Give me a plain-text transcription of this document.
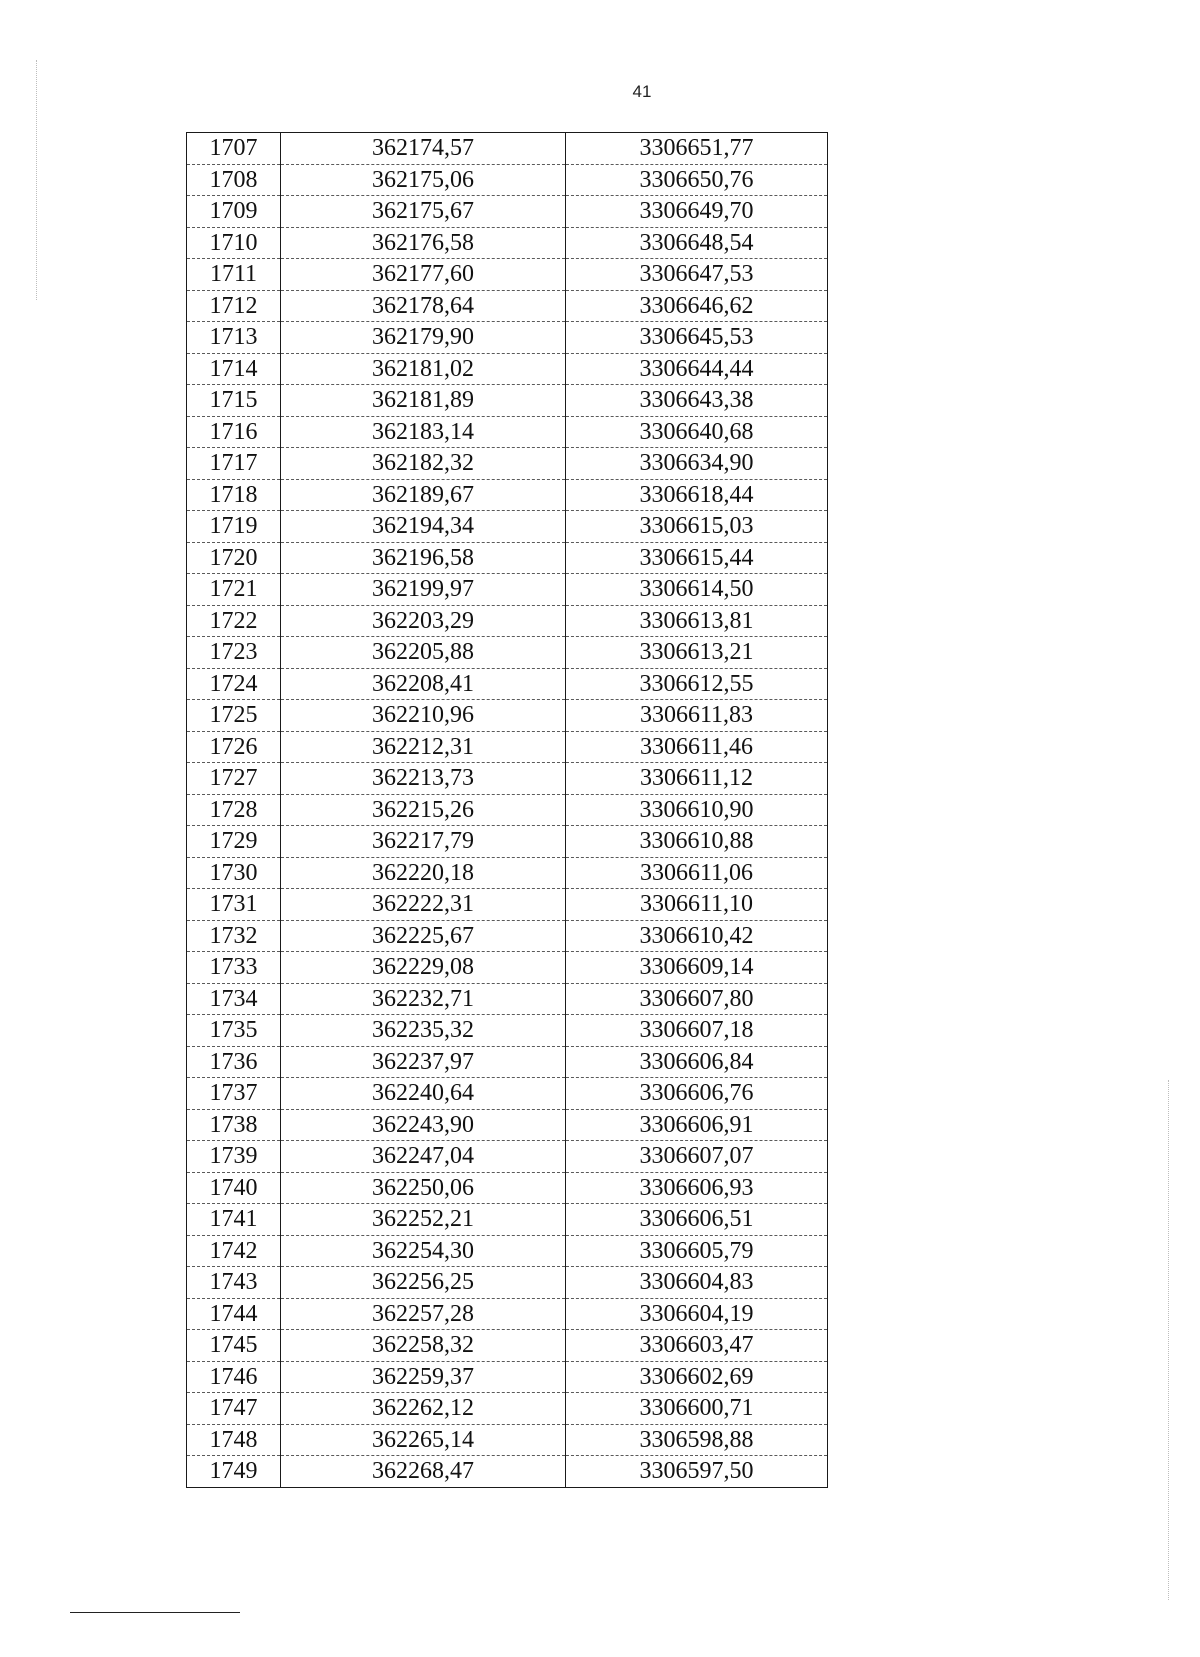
41
1707	362174,57	3306651,77
1708	362175,06	3306650,76
1709	362175,67	3306649,70
1710	362176,58	3306648,54
1711	362177,60	3306647,53
1712	362178,64	3306646,62
1713	362179,90	3306645,53
1714	362181,02	3306644,44
1715	362181,89	3306643,38
1716	362183,14	3306640,68
1717	362182,32	3306634,90
1718	362189,67	3306618,44
1719	362194,34	3306615,03
1720	362196,58	3306615,44
1721	362199,97	3306614,50
1722	362203,29	3306613,81
1723	362205,88	3306613,21
1724	362208,41	3306612,55
1725	362210,96	3306611,83
1726	362212,31	3306611,46
1727	362213,73	3306611,12
1728	362215,26	3306610,90
1729	362217,79	3306610,88
1730	362220,18	3306611,06
1731	362222,31	3306611,10
1732	362225,67	3306610,42
1733	362229,08	3306609,14
1734	362232,71	3306607,80
1735	362235,32	3306607,18
1736	362237,97	3306606,84
1737	362240,64	3306606,76
1738	362243,90	3306606,91
1739	362247,04	3306607,07
1740	362250,06	3306606,93
1741	362252,21	3306606,51
1742	362254,30	3306605,79
1743	362256,25	3306604,83
1744	362257,28	3306604,19
1745	362258,32	3306603,47
1746	362259,37	3306602,69
1747	362262,12	3306600,71
1748	362265,14	3306598,88
1749	362268,47	3306597,50
